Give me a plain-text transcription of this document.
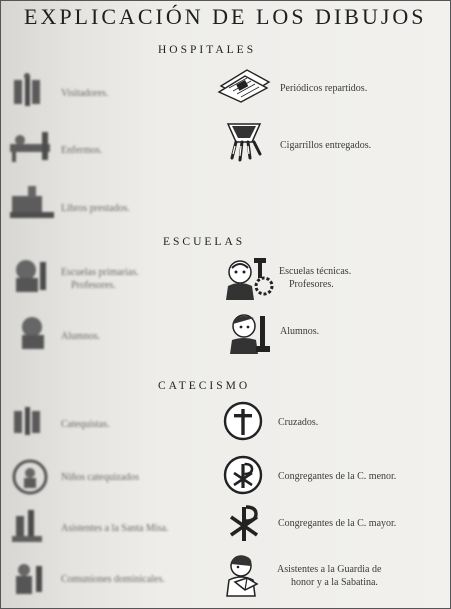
EXPLICACIÓN DE LOS DIBUJOS
HOSPITALES
ESCUELAS
CATECISMO
Visitadores.
Enfermos.
Libros prestados.
Escuelas primarias.
Profesores.
Alumnos.
Catequistas.
Niños catequizados
Asistentes a la Santa Misa.
Comuniones dominicales.
Periódicos repartidos.
Cigarrillos entregados.
Escuelas técnicas.
Profesores.
Alumnos.
Cruzados.
Congregantes de la C. menor.
Congregantes de la C. mayor.
Asistentes a la Guardia de
honor y a la Sabatina.
